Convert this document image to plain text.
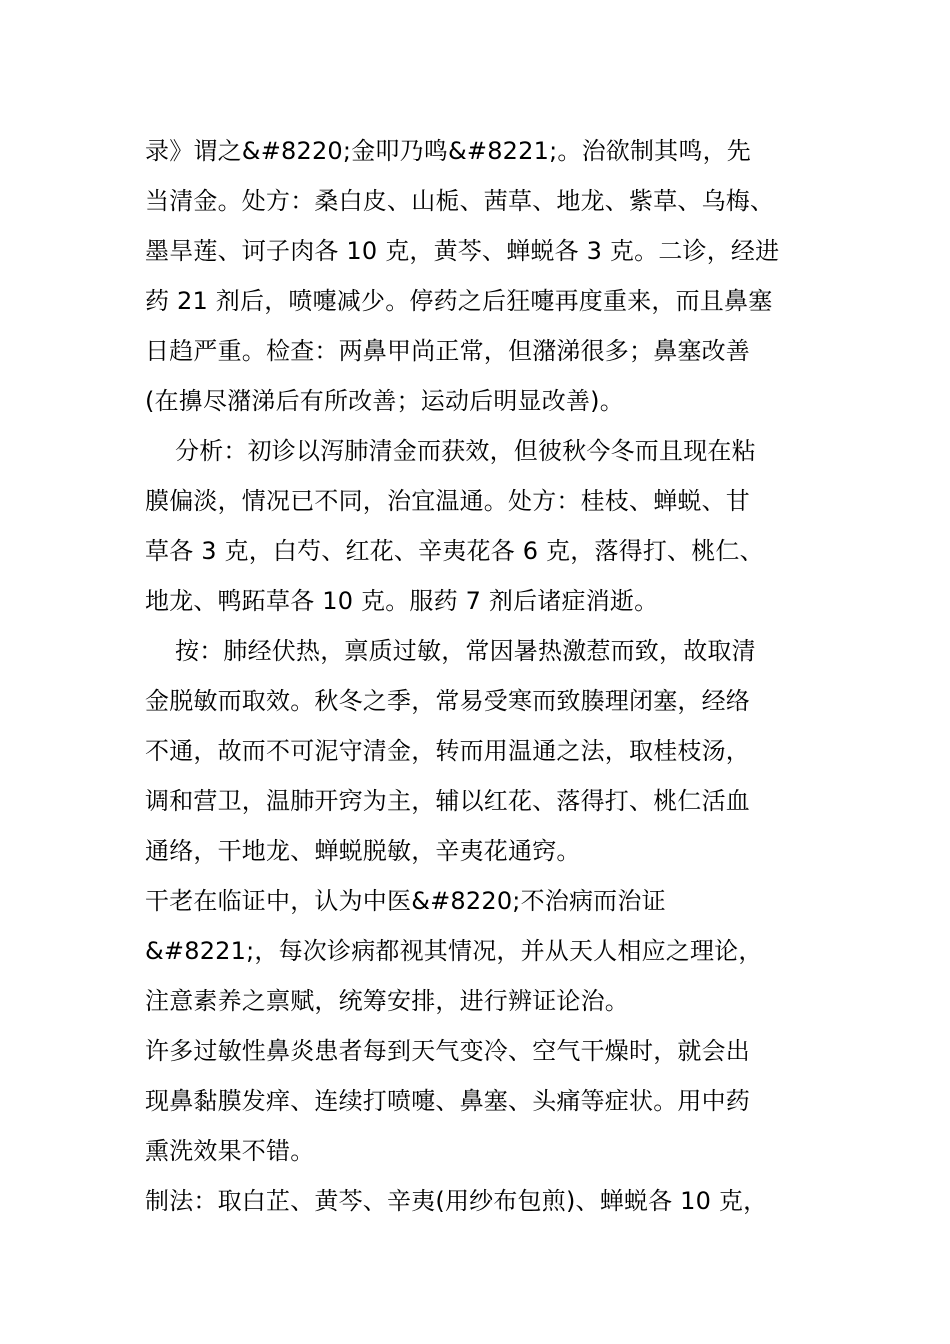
录》谓之&#8220;金叩乃鸣&#8221;。治欲制其鸣，先
当清金。处方：桑白皮、山栀、茜草、地龙、紫草、乌梅、
墨旱莲、诃子肉各 10 克，黄芩、蝉蜕各 3 克。二诊，经进
药 21 剂后，喷嚏减少。停药之后狂嚏再度重来，而且鼻塞
日趋严重。检查：两鼻甲尚正常，但潴涕很多；鼻塞改善
(在擤尽潴涕后有所改善；运动后明显改善)。
分析：初诊以泻肺清金而获效，但彼秋今冬而且现在粘
膜偏淡，情况已不同，治宜温通。处方：桂枝、蝉蜕、甘
草各 3 克，白芍、红花、辛夷花各 6 克，落得打、桃仁、
地龙、鸭跖草各 10 克。服药 7 剂后诸症消逝。
按：肺经伏热，禀质过敏，常因暑热激惹而致，故取清
金脱敏而取效。秋冬之季，常易受寒而致腠理闭塞，经络
不通，故而不可泥守清金，转而用温通之法，取桂枝汤，
调和营卫，温肺开窍为主，辅以红花、落得打、桃仁活血
通络，干地龙、蝉蜕脱敏，辛夷花通窍。
干老在临证中，认为中医&#8220;不治病而治证
&#8221;，每次诊病都视其情况，并从天人相应之理论，
注意素养之禀赋，统筹安排，进行辨证论治。
许多过敏性鼻炎患者每到天气变冷、空气干燥时，就会出
现鼻黏膜发痒、连续打喷嚏、鼻塞、头痛等症状。用中药
熏洗效果不错。
制法：取白芷、黄芩、辛夷(用纱布包煎)、蝉蜕各 10 克，
